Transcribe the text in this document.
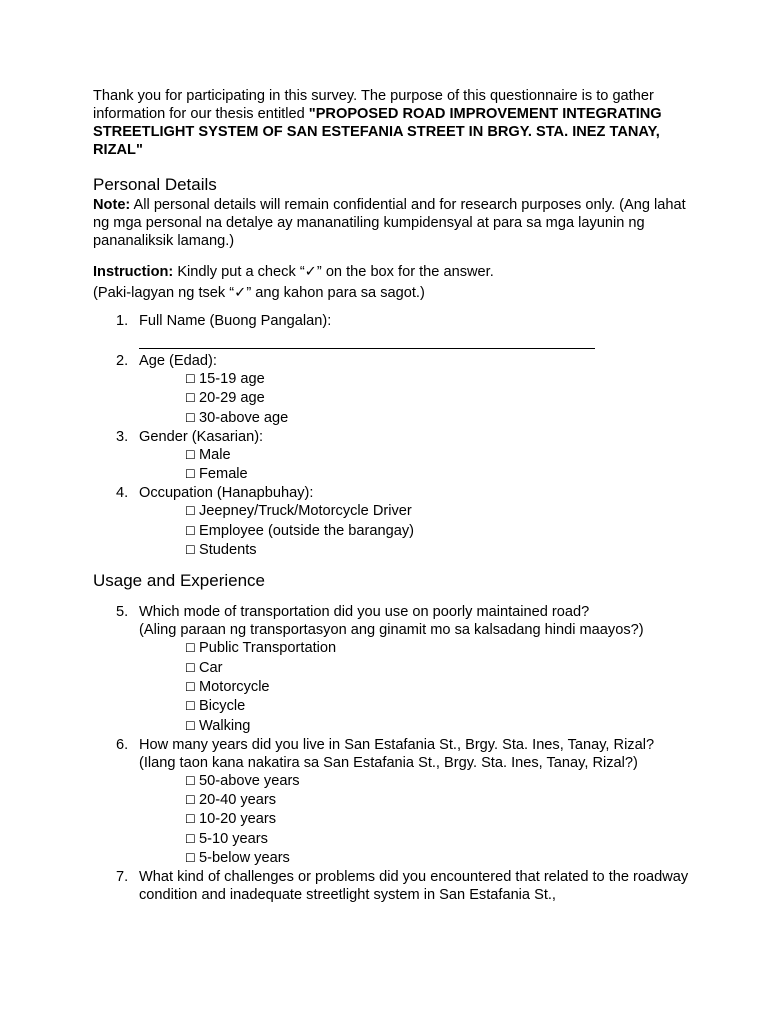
Thank you for participating in this survey. The purpose of this questionnaire is to gather information for our thesis entitled "PROPOSED ROAD IMPROVEMENT INTEGRATING STREETLIGHT SYSTEM OF SAN ESTEFANIA STREET IN BRGY. STA. INEZ TANAY, RIZAL"

Personal Details

Note: All personal details will remain confidential and for research purposes only. (Ang lahat ng mga personal na detalye ay mananatiling kumpidensyal at para sa mga layunin ng pananaliksik lamang.)

Instruction: Kindly put a check “✓” on the box for the answer.
(Paki-lagyan ng tsek “✓” ang kahon para sa sagot.)

1. Full Name (Buong Pangalan):
2. Age (Edad):
☐ 15-19 age
☐ 20-29 age
☐ 30-above age
3. Gender (Kasarian):
☐ Male
☐ Female
4. Occupation (Hanapbuhay):
☐ Jeepney/Truck/Motorcycle Driver
☐ Employee (outside the barangay)
☐ Students
Usage and Experience
5. Which mode of transportation did you use on poorly maintained road?
(Aling paraan ng transportasyon ang ginamit mo sa kalsadang hindi maayos?)
☐ Public Transportation
☐ Car
☐ Motorcycle
☐ Bicycle
☐ Walking
6. How many years did you live in San Estafania St., Brgy. Sta. Ines, Tanay, Rizal?
(Ilang taon kana nakatira sa San Estafania St., Brgy. Sta. Ines, Tanay, Rizal?)
☐ 50-above years
☐ 20-40 years
☐ 10-20 years
☐ 5-10 years
☐ 5-below years
7. What kind of challenges or problems did you encountered that related to the roadway condition and inadequate streetlight system in San Estafania St.,
